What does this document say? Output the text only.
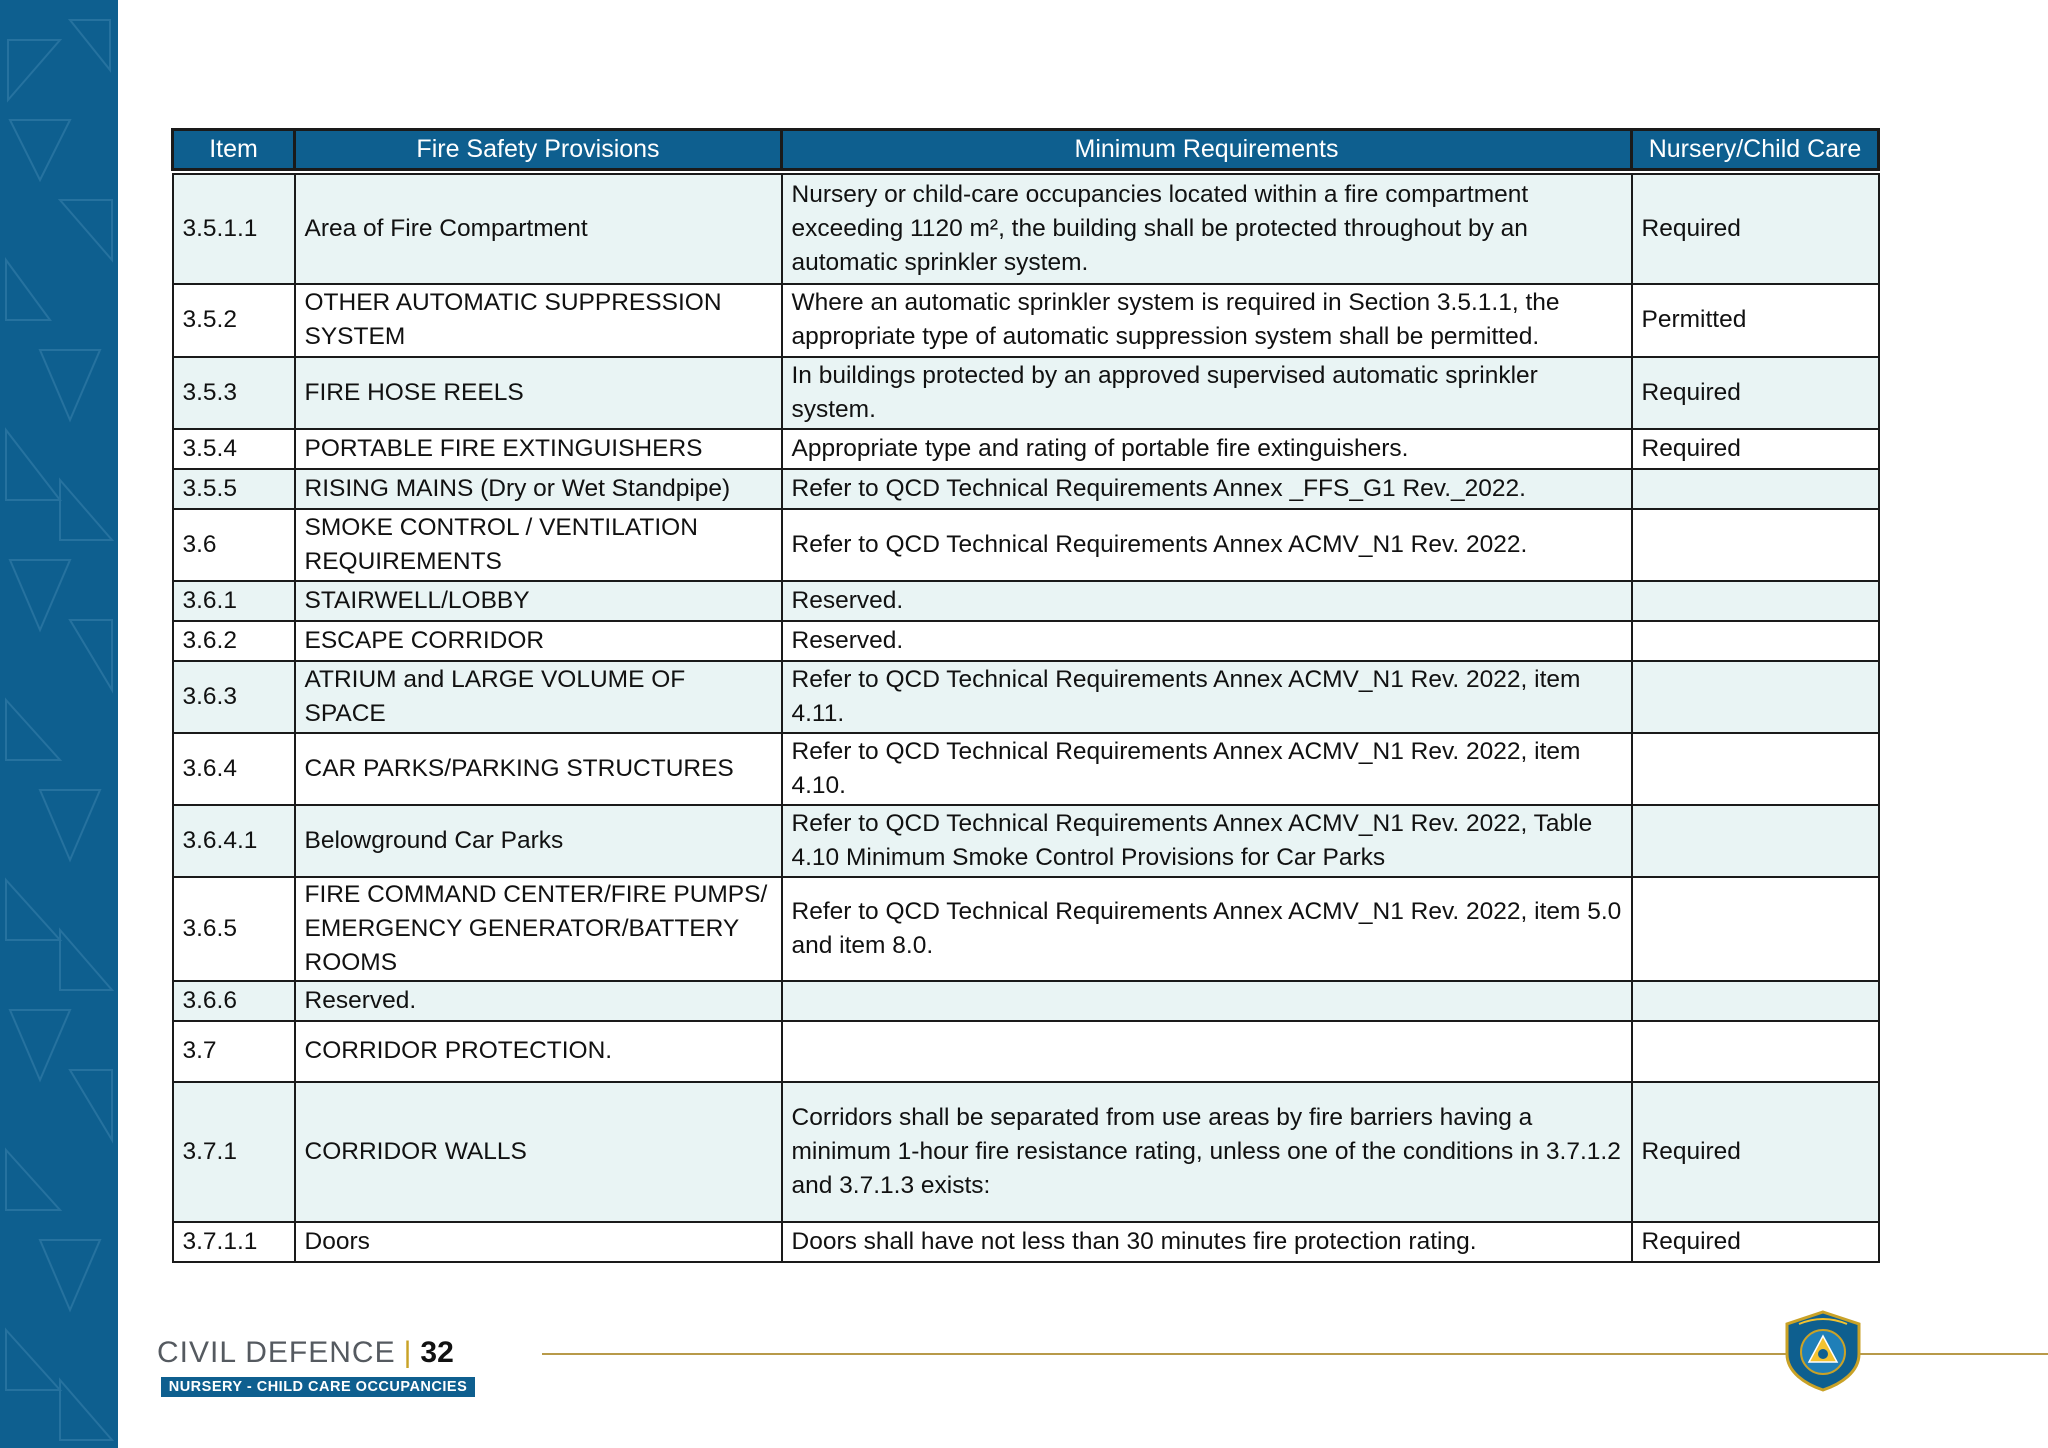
Item	Fire Safety Provisions	Minimum Requirements	Nursery/Child Care

3.5.1.1	Area of Fire Compartment	Nursery or child-care occupancies located within a fire compartment exceeding 1120 m², the building shall be protected throughout by an automatic sprinkler system.	Required
3.5.2	OTHER AUTOMATIC SUPPRESSION SYSTEM	Where an automatic sprinkler system is required in Section 3.5.1.1, the appropriate type of automatic suppression system shall be permitted.	Permitted
3.5.3	FIRE HOSE REELS	In buildings protected by an approved supervised automatic sprinkler system.	Required
3.5.4	PORTABLE FIRE EXTINGUISHERS	Appropriate type and rating of portable fire extinguishers.	Required
3.5.5	RISING MAINS (Dry or Wet Standpipe)	Refer to QCD Technical Requirements Annex _FFS_G1 Rev._2022.	
3.6	SMOKE CONTROL / VENTILATION REQUIREMENTS	Refer to QCD Technical Requirements Annex ACMV_N1 Rev. 2022.	
3.6.1	STAIRWELL/LOBBY	Reserved.	
3.6.2	ESCAPE CORRIDOR	Reserved.	
3.6.3	ATRIUM and LARGE VOLUME OF SPACE	Refer to QCD Technical Requirements Annex ACMV_N1 Rev. 2022, item 4.11.	
3.6.4	CAR PARKS/PARKING STRUCTURES	Refer to QCD Technical Requirements Annex ACMV_N1 Rev. 2022, item 4.10.	
3.6.4.1	Belowground Car Parks	Refer to QCD Technical Requirements Annex ACMV_N1 Rev. 2022, Table 4.10 Minimum Smoke Control Provisions for Car Parks	
3.6.5	FIRE COMMAND CENTER/FIRE PUMPS/ EMERGENCY GENERATOR/BATTERY ROOMS	Refer to QCD Technical Requirements Annex ACMV_N1 Rev. 2022, item 5.0 and item 8.0.	
3.6.6	Reserved.		
3.7	CORRIDOR PROTECTION.		
3.7.1	CORRIDOR WALLS	Corridors shall be separated from use areas by fire barriers having a minimum 1-hour fire resistance rating, unless one of the conditions in 3.7.1.2 and 3.7.1.3 exists:	Required
3.7.1.1	Doors	Doors shall have not less than 30 minutes fire protection rating.	Required
CIVIL DEFENCE | 32
NURSERY - CHILD CARE OCCUPANCIES
